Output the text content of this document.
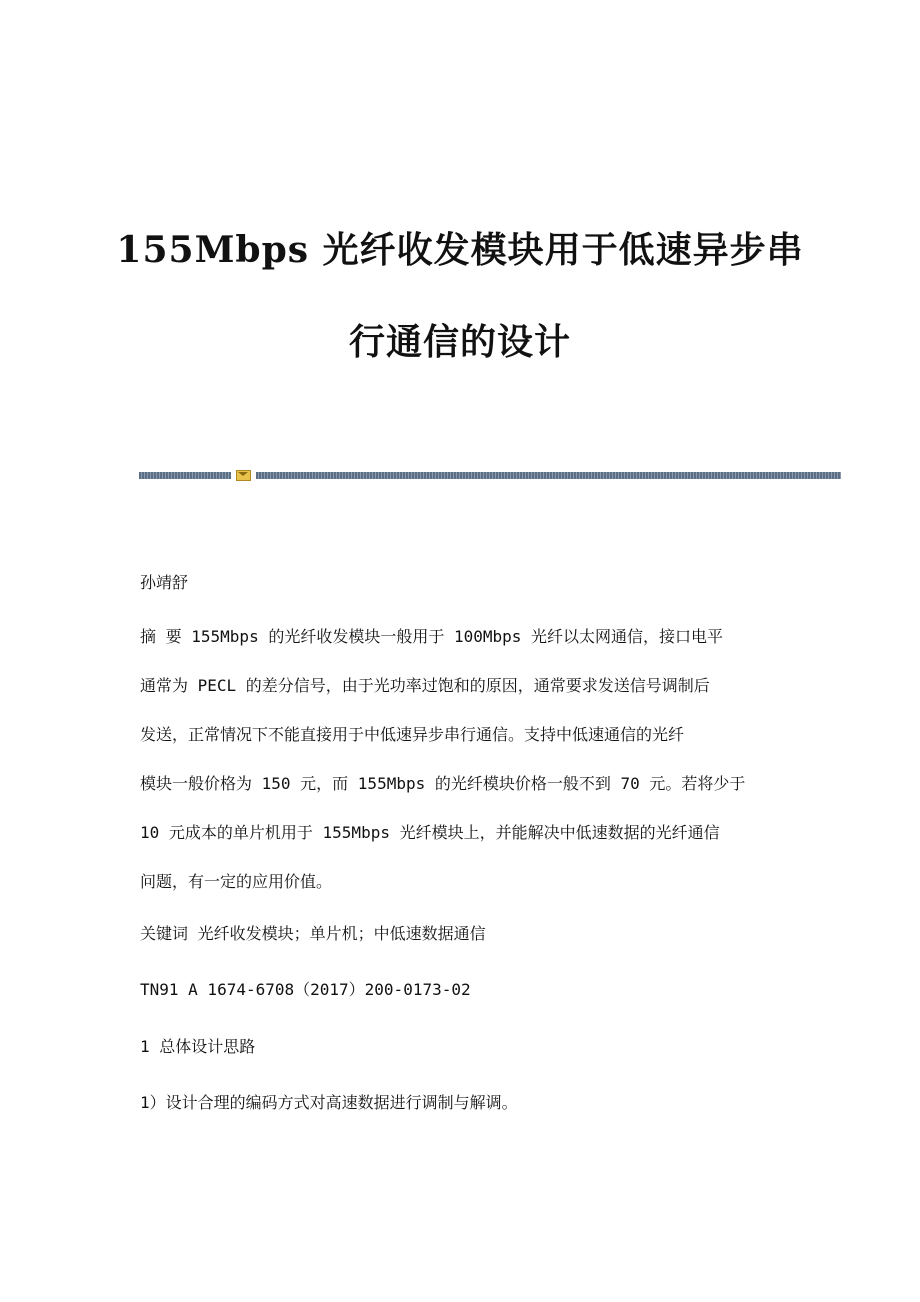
155Mbps 光纤收发模块用于低速异步串
行通信的设计
孙靖舒

摘 要 155Mbps 的光纤收发模块一般用于 100Mbps 光纤以太网通信，接口电平

通常为 PECL 的差分信号，由于光功率过饱和的原因，通常要求发送信号调制后

发送，正常情况下不能直接用于中低速异步串行通信。支持中低速通信的光纤

模块一般价格为 150 元，而 155Mbps 的光纤模块价格一般不到 70 元。若将少于

10 元成本的单片机用于 155Mbps 光纤模块上，并能解决中低速数据的光纤通信

问题，有一定的应用价值。

关键词 光纤收发模块；单片机；中低速数据通信
TN91 A 1674-6708（2017）200-0173-02
1 总体设计思路
1）设计合理的编码方式对高速数据进行调制与解调。
